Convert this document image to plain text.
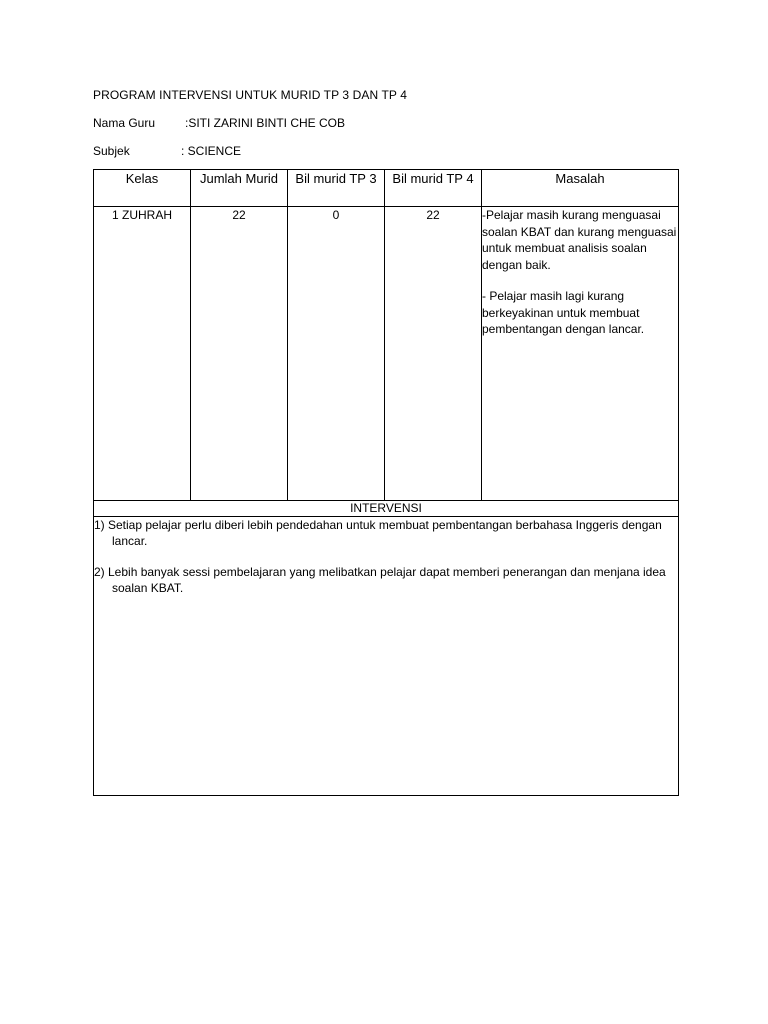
PROGRAM INTERVENSI UNTUK MURID TP 3 DAN TP 4
Nama Guru :SITI ZARINI BINTI CHE COB
Subjek	: SCIENCE
Kelas	Jumlah Murid	Bil murid TP 3	Bil murid TP 4	Masalah
1 ZUHRAH	22	0	22	-Pelajar masih kurang menguasai soalan KBAT dan kurang menguasai untuk membuat analisis soalan dengan baik.

- Pelajar masih lagi kurang berkeyakinan untuk membuat pembentangan dengan lancar.

INTERVENSI				

1) Setiap pelajar perlu diberi lebih pendedahan untuk membuat pembentangan berbahasa Inggeris dengan lancar.

2) Lebih banyak sessi pembelajaran yang melibatkan pelajar dapat memberi penerangan dan menjana idea soalan KBAT.				
